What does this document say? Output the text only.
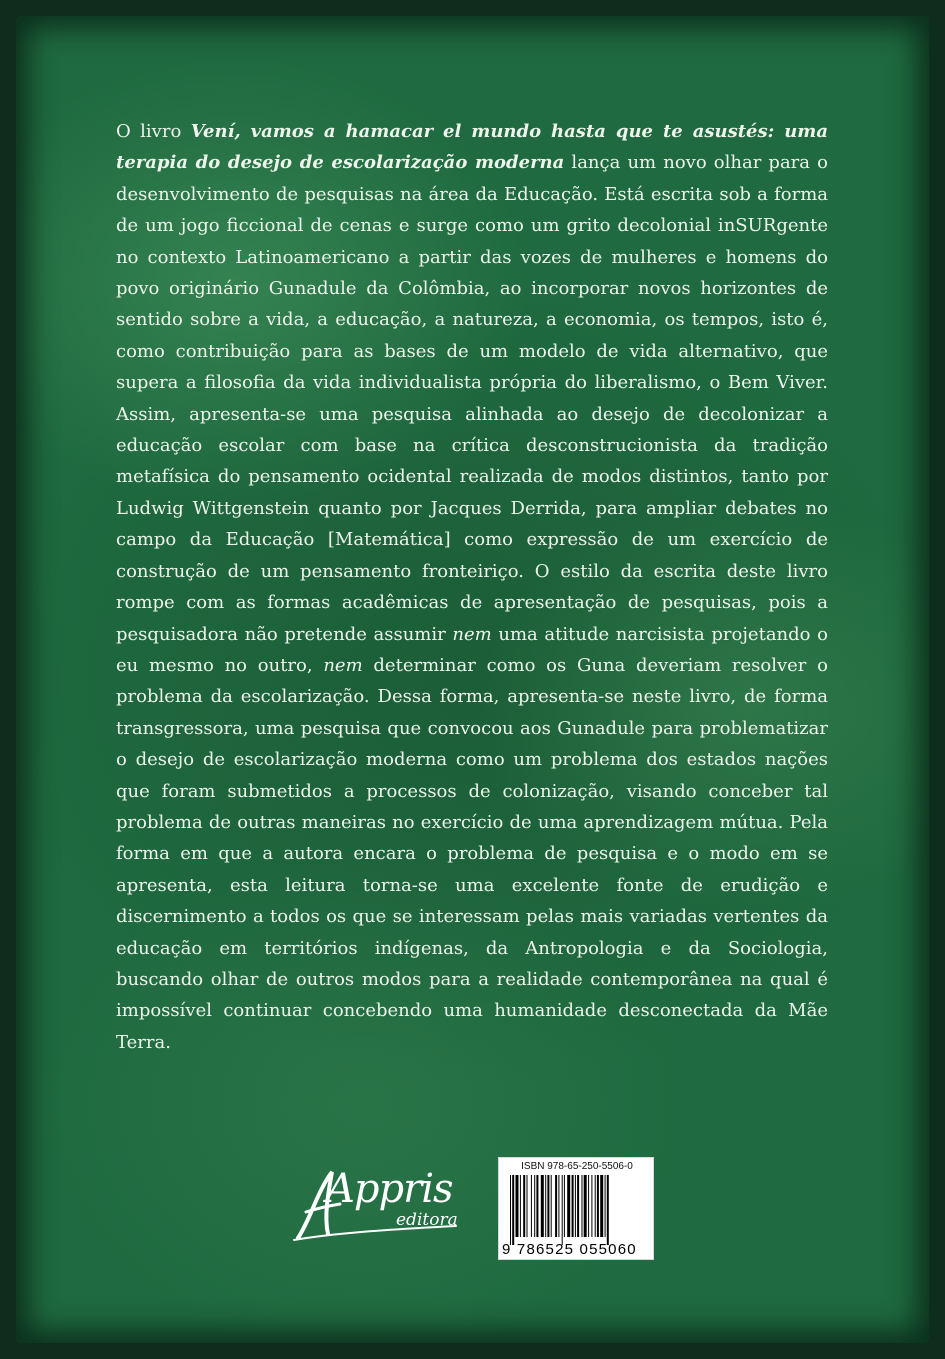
O livro Vení, vamos a hamacar el mundo hasta que te asustés: uma terapia do desejo de escolarização moderna lança um novo olhar para o desenvolvimento de pesquisas na área da Educação. Está escrita sob a forma de um jogo ficcional de cenas e surge como um grito decolonial inSURgente no contexto Latinoamericano a partir das vozes de mulheres e homens do povo originário Gunadule da Colômbia, ao incorporar novos horizontes de sentido sobre a vida, a educação, a natureza, a economia, os tempos, isto é, como contribuição para as bases de um modelo de vida alternativo, que supera a filosofia da vida individualista própria do liberalismo, o Bem Viver. Assim, apresenta-se uma pesquisa alinhada ao desejo de decolonizar a educação escolar com base na crítica desconstrucionista da tradição metafísica do pensamento ocidental realizada de modos distintos, tanto por Ludwig Wittgenstein quanto por Jacques Derrida, para ampliar debates no campo da Educação [Matemática] como expressão de um exercício de construção de um pensamento fronteiriço. O estilo da escrita deste livro rompe com as formas acadêmicas de apresentação de pesquisas, pois a pesquisadora não pretende assumir nem uma atitude narcisista projetando o eu mesmo no outro, nem determinar como os Guna deveriam resolver o problema da escolarização. Dessa forma, apresenta-se neste livro, de forma transgressora, uma pesquisa que convocou aos Gunadule para problematizar o desejo de escolarização moderna como um problema dos estados nações que foram submetidos a processos de colonização, visando conceber tal problema de outras maneiras no exercício de uma aprendizagem mútua. Pela forma em que a autora encara o problema de pesquisa e o modo em se apresenta, esta leitura torna-se uma excelente fonte de erudição e discernimento a todos os que se interessam pelas mais variadas vertentes da educação em territórios indígenas, da Antropologia e da Sociologia, buscando olhar de outros modos para a realidade contemporânea na qual é impossível continuar concebendo uma humanidade desconectada da Mãe Terra.

Appris
editora
ISBN 978-65-250-5506-0
9 786525 055060
